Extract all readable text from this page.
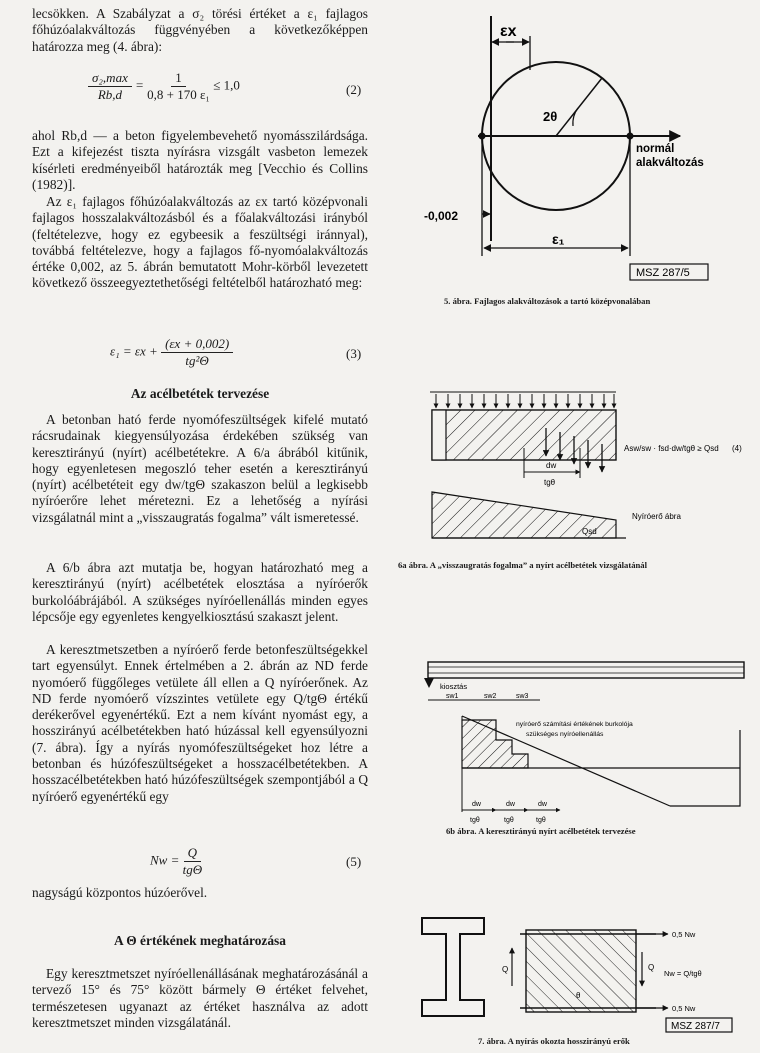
lecsökken. A Szabályzat a σ₂ törési értéket a ε₁ fajlagos főhúzóalakváltozás függvényében a következőképpen határozza meg (4. ábra):

$\frac{\text{σ₂,max}}{Rb,d} = \frac{1}{\text{0,8 + 170 ε₁}} \le 1,0$	(2)

ahol Rb,d — a beton figyelembevehető nyomásszilárdsága. Ezt a kifejezést tiszta nyírásra vizsgált vasbeton lemezek kísérleti eredményeiből határozták meg [Vecchio és Collins (1982)].

Az ε₁ fajlagos főhúzóalakváltozás az εx tartó középvonali fajlagos hosszalakváltozásból és a főalakváltozási irányból (feltételezve, hogy ez egybeesik a feszültségi iránnyal), továbbá feltételezve, hogy a fajlagos fő-nyomóalakváltozás értéke 0,002, az 5. ábrán bemutatott Mohr-körből levezetett következő összeegyeztethetőségi feltételből határozható meg:

$\varepsilon_1 = \varepsilon x + \frac{(\varepsilon x + 0,002)}{\text{tg²Θ}}$	(3)
Az acélbetétek tervezése

A betonban ható ferde nyomófeszültségek kifelé mutató rácsrudainak kiegyensúlyozása érdekében szükség van keresztirányú (nyírt) acélbetétekre. A 6/a ábrából kitűnik, hogy egyenletesen megoszló teher esetén a keresztirányú (nyírt) acélbetéteit egy dw/tgΘ szakaszon belül a legkisebb nyíróerőre lehet méretezni. Ez a lehetőség a nyírási vizsgálatnál mint a „visszaugratás fogalma” vált ismeretessé.

A 6/b ábra azt mutatja be, hogyan határozható meg a keresztirányú (nyírt) acélbetétek elosztása a nyíróerők burkolóábrájából. A szükséges nyíróellenállás minden egyes lépcsője egy egyenletes kengyelkiosztású szakaszt jelent.

A keresztmetszetben a nyíróerő ferde betonfeszültségekkel tart egyensúlyt. Ennek értelmében a 2. ábrán az ND ferde nyomóerő függőleges vetülete áll ellen a Q nyíróerőnek. Az ND ferde nyomóerő vízszintes vetülete egy Q/tgΘ értékű derékerővel egyenértékű. Ezt a nem kívánt nyomást egy, a hosszirányú acélbetétekben ható húzással kell egyensúlyozni (7. ábra). Így a nyírás nyomófeszültségeket hoz létre a betonban és húzófeszültségeket a hosszacélbetétekben. A hosszacélbetétekben ható húzófeszültségek szempontjából a Q nyíróerő egyenértékű egy

$Nw = \frac{Q}{\text{tgΘ}}$	(5)

nagyságú központos húzóerővel.

A Θ értékének meghatározása

Egy keresztmetszet nyíróellenállásának meghatározásánál a tervező 15° és 75° között bármely Θ értéket felvehet, természetesen ugyanazt az értéket használva az adott keresztmetszet minden vizsgálatánál.

εx
2θ
normál
alakváltozás
-0,002
ε₁
MSZ 287/5
5. ábra. Fajlagos alakváltozások a tartó középvonalában
dw
tgθ
Qsd
Nyíróerő ábra
Asw/sw · fsd·dw/tgθ ≥ Qsd (4)
6a ábra. A „visszaugratás fogalma” a nyírt acélbetétek vizsgálatánál
kiosztás
sw1	sw2	sw3
nyíróerő számítási értékének burkolója
szükséges nyíróellenállás
dw
tgθ
dw
tgθ
dw
tgθ
6b ábra. A keresztirányú nyírt acélbetétek tervezése
0,5 Nw
0,5 Nw
Q	Q
θ
Nw = Q/tgθ
MSZ 287/7
7. ábra. A nyírás okozta hosszirányú erők
